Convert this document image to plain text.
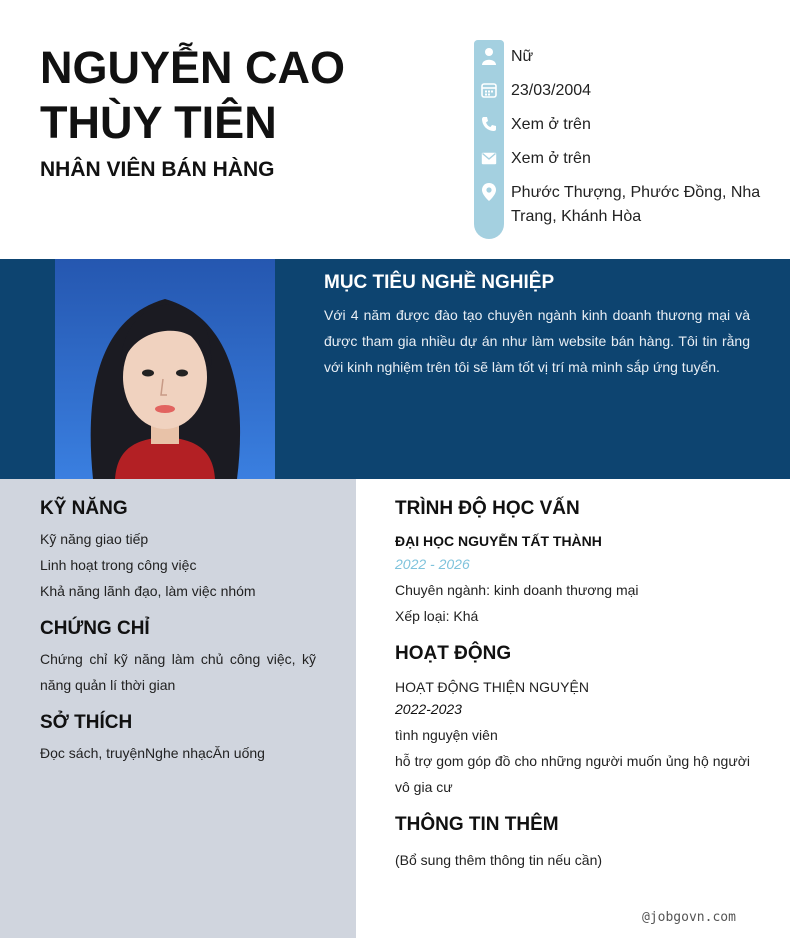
NGUYỄN CAO THÙY TIÊN
NHÂN VIÊN BÁN HÀNG
Nữ
23/03/2004
Xem ở trên
Xem ở trên
Phước Thượng, Phước Đồng, Nha Trang, Khánh Hòa
MỤC TIÊU NGHỀ NGHIỆP
Với 4 năm được đào tạo chuyên ngành kinh doanh thương mại và được tham gia nhiều dự án như làm website bán hàng. Tôi tin rằng với kinh nghiệm trên tôi sẽ làm tốt vị trí mà mình sắp ứng tuyển.
KỸ NĂNG
Kỹ năng giao tiếp
Linh hoạt trong công việc
Khả năng lãnh đạo, làm việc nhóm
CHỨNG CHỈ
Chứng chỉ kỹ năng làm chủ công việc, kỹ năng quản lí thời gian
SỞ THÍCH
Đọc sách, truyệnNghe nhạcĂn uống
TRÌNH ĐỘ HỌC VẤN
ĐẠI HỌC NGUYỄN TẤT THÀNH
2022 - 2026
Chuyên ngành: kinh doanh thương mại
Xếp loại: Khá
HOẠT ĐỘNG
HOẠT ĐỘNG THIỆN NGUYỆN
2022-2023
tình nguyện viên
hỗ trợ gom góp đồ cho những người muốn ủng hộ người vô gia cư
THÔNG TIN THÊM
(Bổ sung thêm thông tin nếu cần)
@jobgovn.com
